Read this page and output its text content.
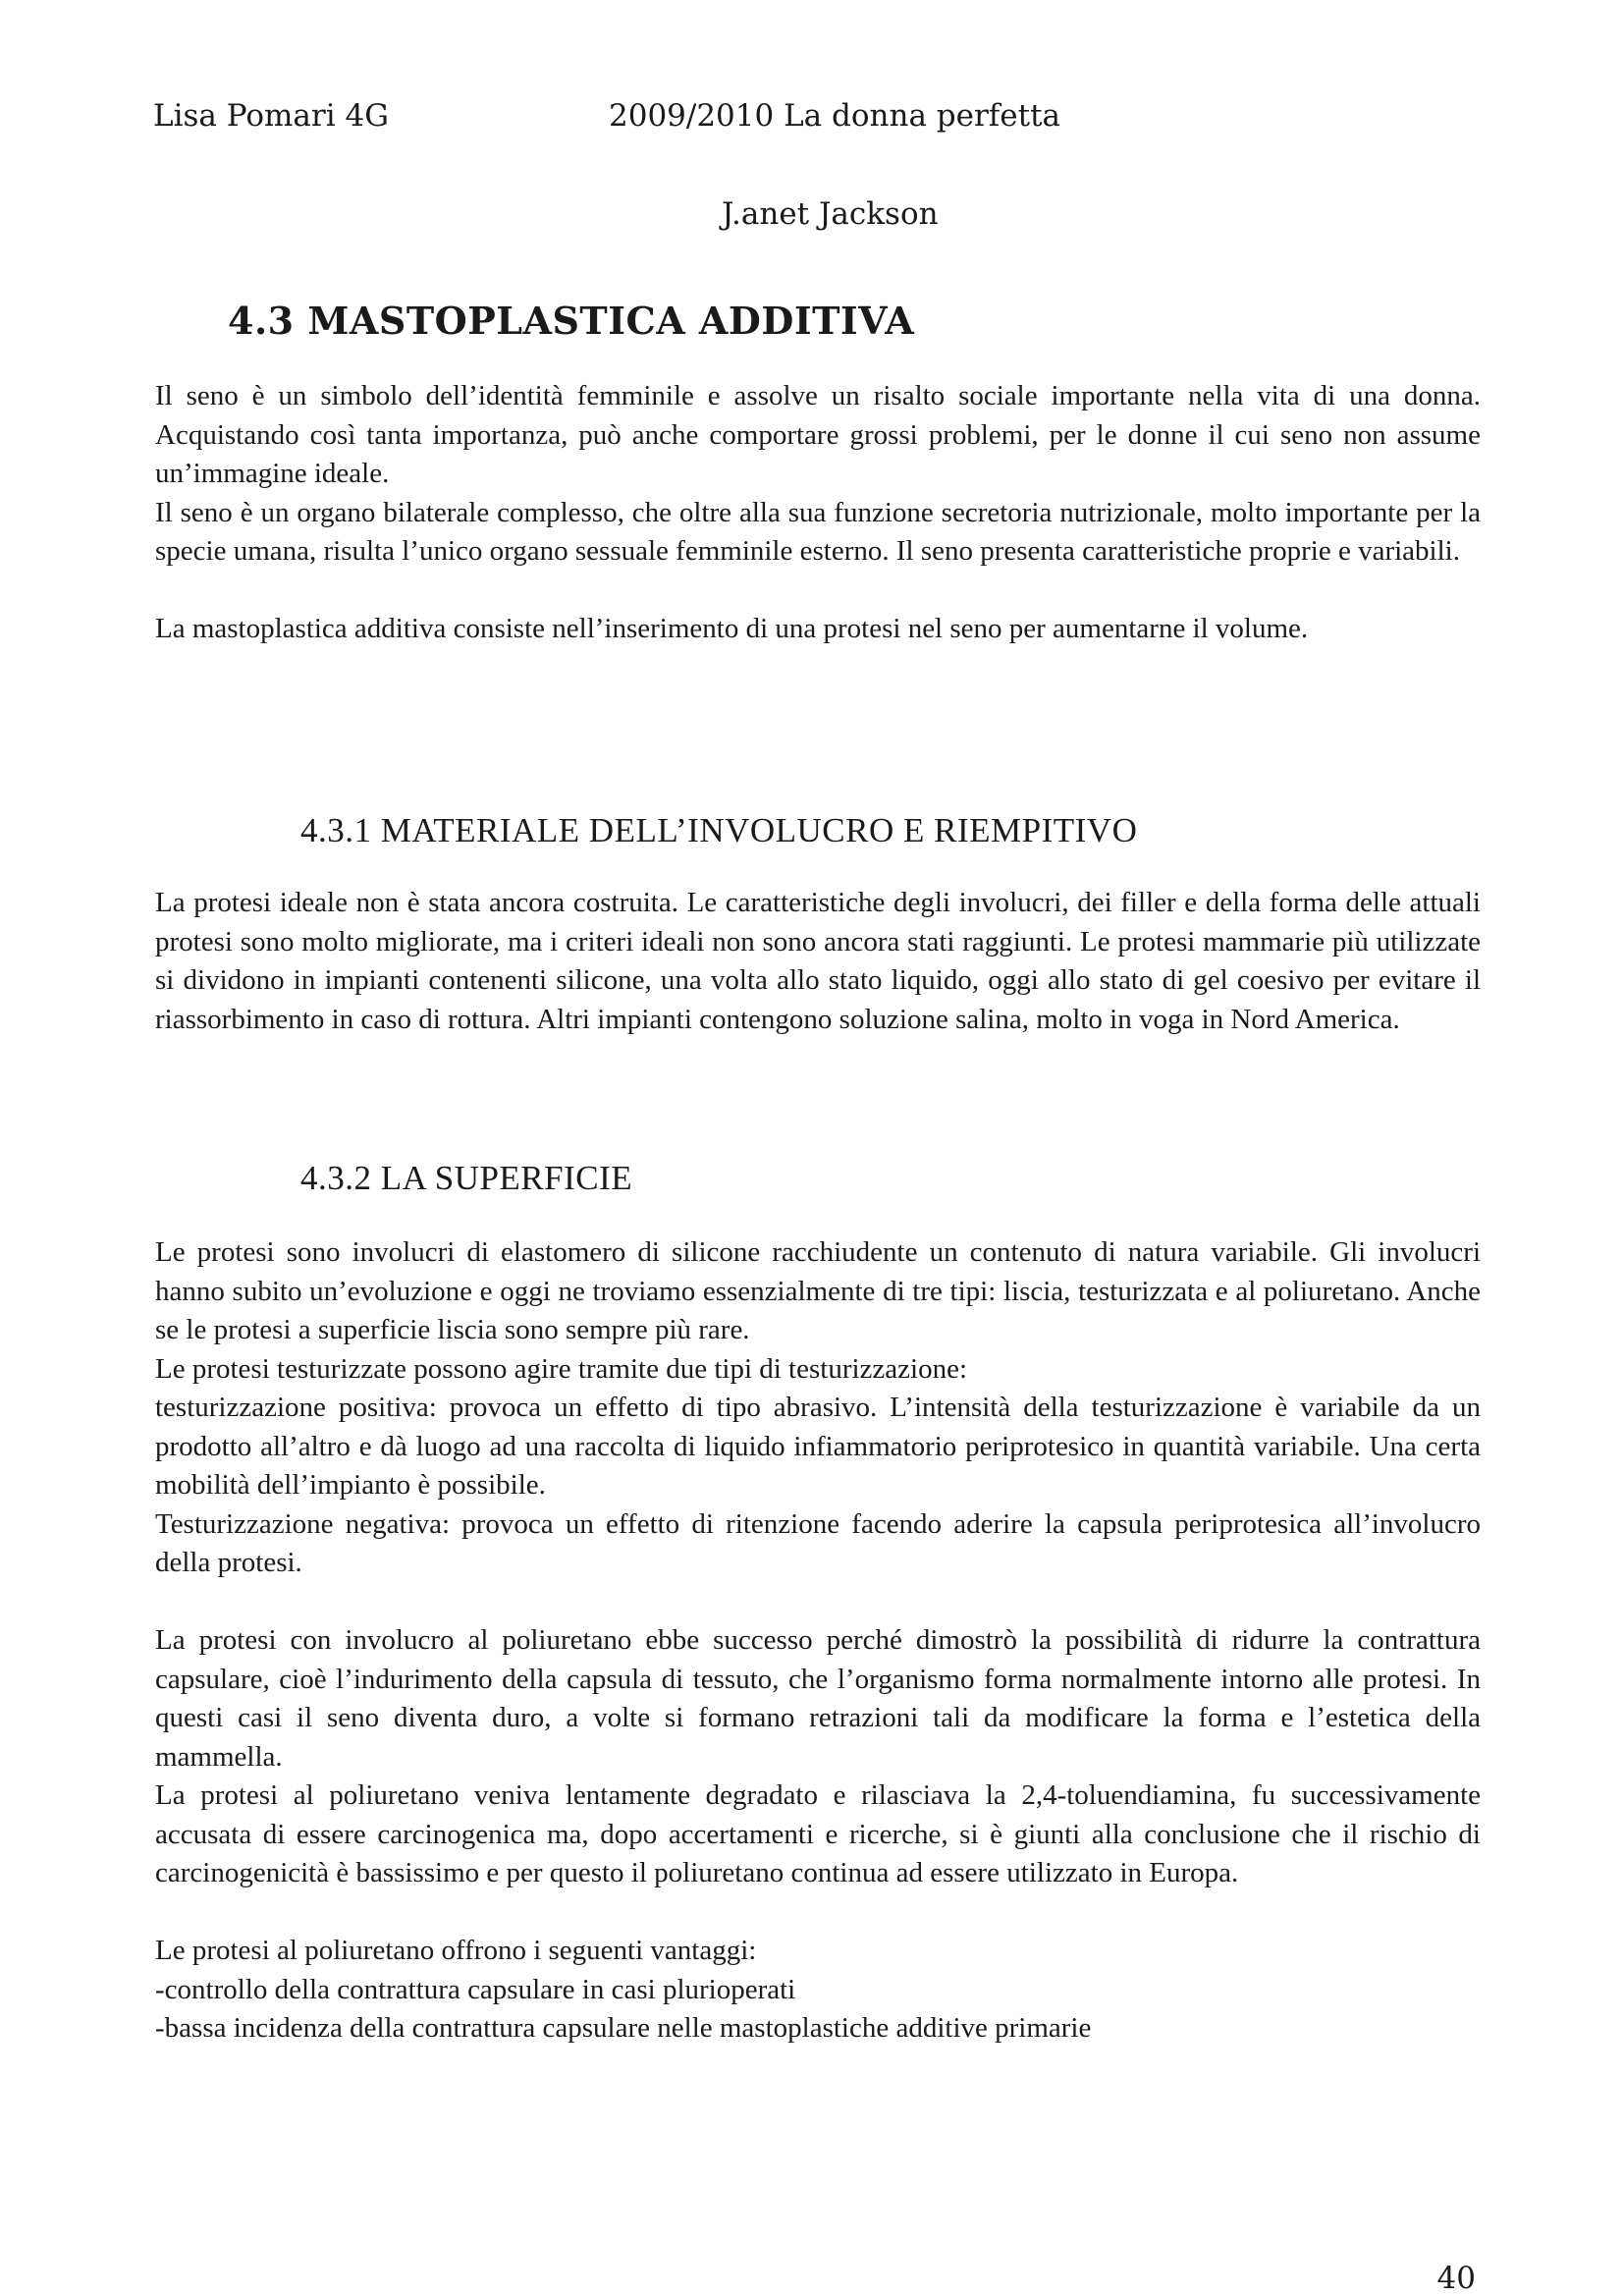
Lisa Pomari 4G	2009/2010 La donna perfetta
J.anet Jackson
4.3 MASTOPLASTICA ADDITIVA

Il seno è un simbolo dell’identità femminile e assolve un risalto sociale importante nella vita di una donna. Acquistando così tanta importanza, può anche comportare grossi problemi, per le donne il cui seno non assume un’immagine ideale.

Il seno è un organo bilaterale complesso, che oltre alla sua funzione secretoria nutrizionale, molto importante per la specie umana, risulta l’unico organo sessuale femminile esterno. Il seno presenta caratteristiche proprie e variabili.

La mastoplastica additiva consiste nell’inserimento di una protesi nel seno per aumentarne il volume.

4.3.1 MATERIALE DELL’INVOLUCRO E RIEMPITIVO

La protesi ideale non è stata ancora costruita. Le caratteristiche degli involucri, dei filler e della forma delle attuali protesi sono molto migliorate, ma i criteri ideali non sono ancora stati raggiunti. Le protesi mammarie più utilizzate si dividono in impianti contenenti silicone, una volta allo stato liquido, oggi allo stato di gel coesivo per evitare il riassorbimento in caso di rottura. Altri impianti contengono soluzione salina, molto in voga in Nord America.

4.3.2 LA SUPERFICIE

Le protesi sono involucri di elastomero di silicone racchiudente un contenuto di natura variabile. Gli involucri hanno subito un’evoluzione e oggi ne troviamo essenzialmente di tre tipi: liscia, testurizzata e al poliuretano. Anche se le protesi a superficie liscia sono sempre più rare.

Le protesi testurizzate possono agire tramite due tipi di testurizzazione:

testurizzazione positiva: provoca un effetto di tipo abrasivo. L’intensità della testurizzazione è variabile da un prodotto all’altro e dà luogo ad una raccolta di liquido infiammatorio periprotesico in quantità variabile. Una certa mobilità dell’impianto è possibile.

Testurizzazione negativa: provoca un effetto di ritenzione facendo aderire la capsula periprotesica all’involucro della protesi.

La protesi con involucro al poliuretano ebbe successo perché dimostrò la possibilità di ridurre la contrattura capsulare, cioè l’indurimento della capsula di tessuto, che l’organismo forma normalmente intorno alle protesi. In questi casi il seno diventa duro, a volte si formano retrazioni tali da modificare la forma e l’estetica della mammella.

La protesi al poliuretano veniva lentamente degradato e rilasciava la 2,4-toluendiamina, fu successivamente accusata di essere carcinogenica ma, dopo accertamenti e ricerche, si è giunti alla conclusione che il rischio di carcinogenicità è bassissimo e per questo il poliuretano continua ad essere utilizzato in Europa.

Le protesi al poliuretano offrono i seguenti vantaggi:

-controllo della contrattura capsulare in casi plurioperati

-bassa incidenza della contrattura capsulare nelle mastoplastiche additive primarie

40
